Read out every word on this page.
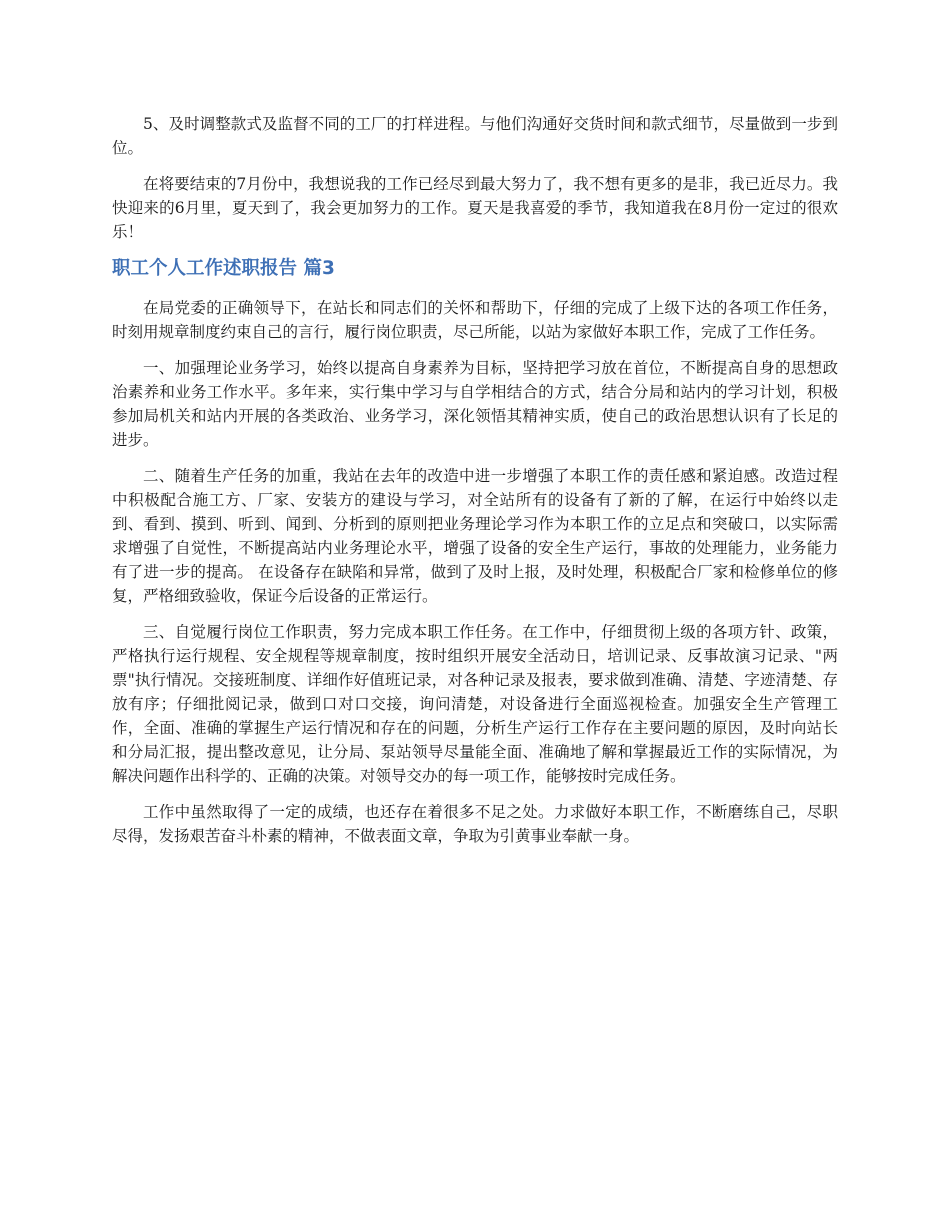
5、及时调整款式及监督不同的工厂的打样进程。与他们沟通好交货时间和款式细节，尽量做到一步到位。

在将要结束的7月份中，我想说我的工作已经尽到最大努力了，我不想有更多的是非，我已近尽力。我快迎来的6月里，夏天到了，我会更加努力的工作。夏天是我喜爱的季节，我知道我在8月份一定过的很欢乐！

职工个人工作述职报告 篇3

在局党委的正确领导下，在站长和同志们的关怀和帮助下，仔细的完成了上级下达的各项工作任务，时刻用规章制度约束自己的言行，履行岗位职责，尽己所能，以站为家做好本职工作，完成了工作任务。

一、加强理论业务学习，始终以提高自身素养为目标，坚持把学习放在首位，不断提高自身的思想政治素养和业务工作水平。多年来，实行集中学习与自学相结合的方式，结合分局和站内的学习计划，积极参加局机关和站内开展的各类政治、业务学习，深化领悟其精神实质，使自己的政治思想认识有了长足的进步。

二、随着生产任务的加重，我站在去年的改造中进一步增强了本职工作的责任感和紧迫感。改造过程中积极配合施工方、厂家、安装方的建设与学习，对全站所有的设备有了新的了解，在运行中始终以走到、看到、摸到、听到、闻到、分析到的原则把业务理论学习作为本职工作的立足点和突破口，以实际需求增强了自觉性，不断提高站内业务理论水平，增强了设备的安全生产运行，事故的处理能力，业务能力有了进一步的提高。 在设备存在缺陷和异常，做到了及时上报，及时处理，积极配合厂家和检修单位的修复，严格细致验收，保证今后设备的正常运行。

三、自觉履行岗位工作职责，努力完成本职工作任务。在工作中，仔细贯彻上级的各项方针、政策，严格执行运行规程、安全规程等规章制度，按时组织开展安全活动日，培训记录、反事故演习记录、"两票"执行情况。交接班制度、详细作好值班记录，对各种记录及报表，要求做到准确、清楚、字迹清楚、存放有序；仔细批阅记录，做到口对口交接，询问清楚，对设备进行全面巡视检查。加强安全生产管理工作，全面、准确的掌握生产运行情况和存在的问题，分析生产运行工作存在主要问题的原因，及时向站长和分局汇报，提出整改意见，让分局、泵站领导尽量能全面、准确地了解和掌握最近工作的实际情况，为解决问题作出科学的、正确的决策。对领导交办的每一项工作，能够按时完成任务。

工作中虽然取得了一定的成绩，也还存在着很多不足之处。力求做好本职工作，不断磨练自己，尽职尽得，发扬艰苦奋斗朴素的精神，不做表面文章，争取为引黄事业奉献一身。
